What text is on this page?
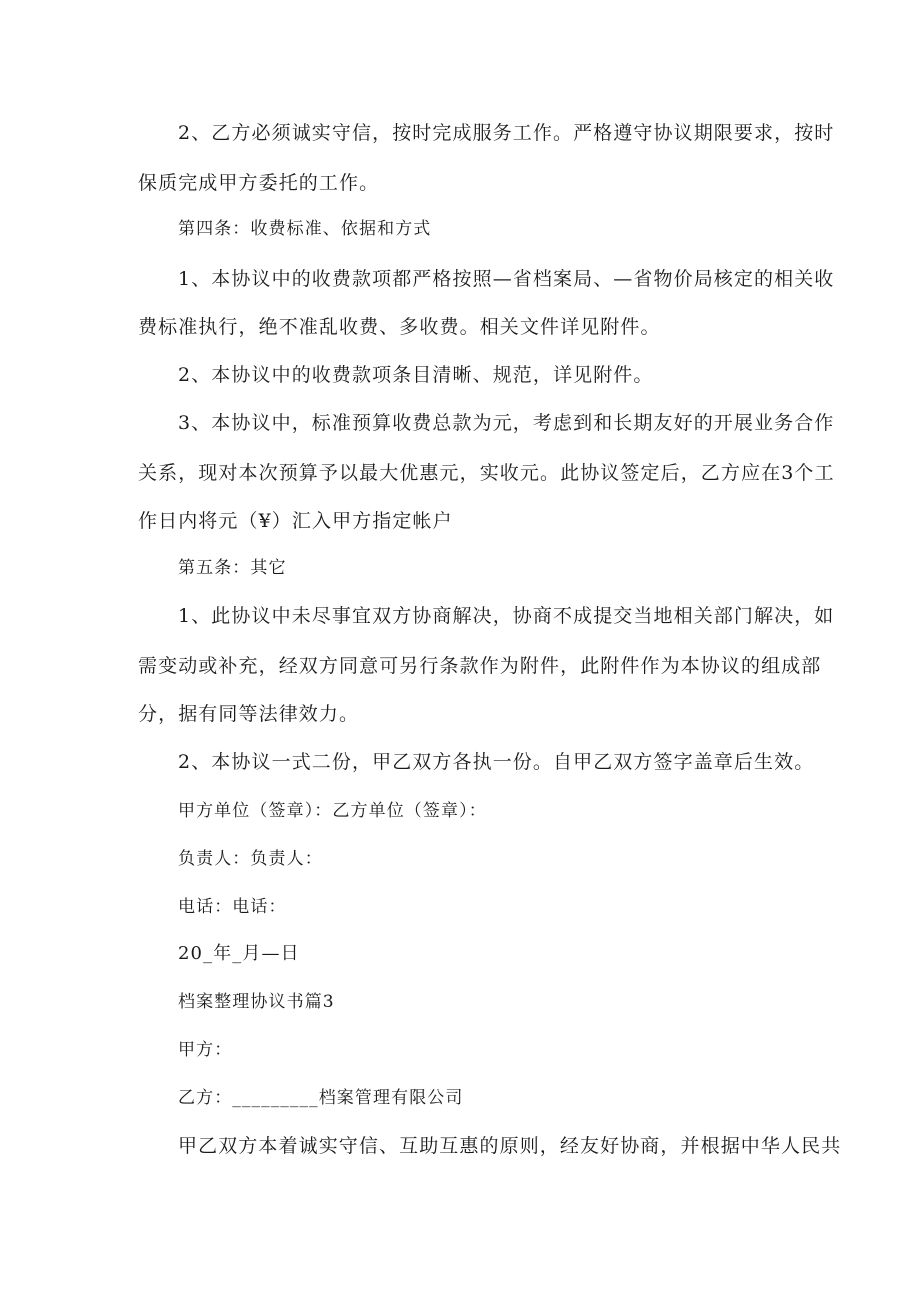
2、乙方必须诚实守信，按时完成服务工作。严格遵守协议期限要求，按时
保质完成甲方委托的工作。
第四条：收费标准、依据和方式
1、本协议中的收费款项都严格按照—省档案局、—省物价局核定的相关收
费标准执行，绝不准乱收费、多收费。相关文件详见附件。
2、本协议中的收费款项条目清晰、规范，详见附件。
3、本协议中，标准预算收费总款为元，考虑到和长期友好的开展业务合作
关系，现对本次预算予以最大优惠元，实收元。此协议签定后，乙方应在3个工
作日内将元（¥）汇入甲方指定帐户
第五条：其它
1、此协议中未尽事宜双方协商解决，协商不成提交当地相关部门解决，如
需变动或补充，经双方同意可另行条款作为附件，此附件作为本协议的组成部
分，据有同等法律效力。
2、本协议一式二份，甲乙双方各执一份。自甲乙双方签字盖章后生效。
甲方单位（签章）：乙方单位（签章）：
负责人：负责人：
电话：电话：
20_年_月—日
档案整理协议书篇3
甲方：
乙方：_________档案管理有限公司
甲乙双方本着诚实守信、互助互惠的原则，经友好协商，并根据中华人民共
